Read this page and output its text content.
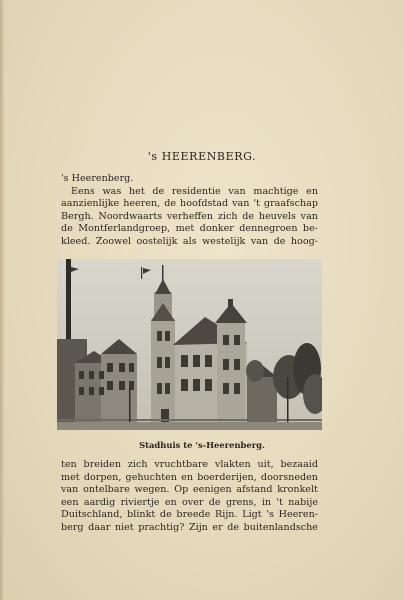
's HEERENBERG.
's Heerenberg.
Eens was het de residentie van machtige en
aanzienlijke heeren, de hoofdstad van 't graafschap
Bergh. Noordwaarts verheffen zich de heuvels van
de Montferlandgroep, met donker dennegroen be-
kleed. Zoowel oostelijk als westelijk van de hoog-
Stadhuis te 's-Heerenberg.
ten breiden zich vruchtbare vlakten uit, bezaaid
met dorpen, gehuchten en boerderijen, doorsneden
van ontelbare wegen. Op eenigen afstand kronkelt
een aardig riviertje en over de grens, in 't nabije
Duitschland, blinkt de breede Rijn. Ligt 's Heeren-
berg daar niet prachtig? Zijn er de buitenlandsche
